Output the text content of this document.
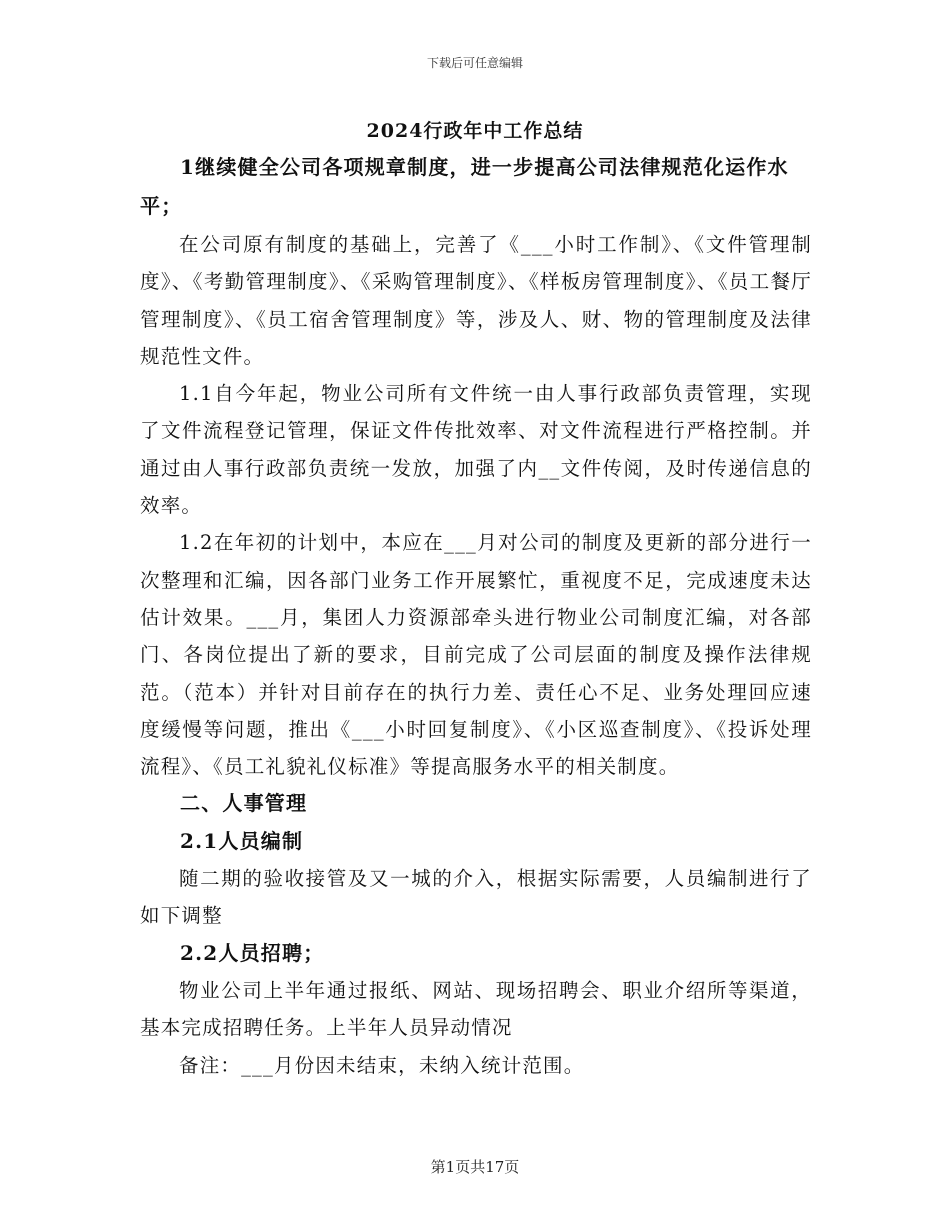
下载后可任意编辑
2024行政年中工作总结

1继续健全公司各项规章制度，进一步提高公司法律规范化运作水平；

在公司原有制度的基础上，完善了《___小时工作制》、《文件管理制度》、《考勤管理制度》、《采购管理制度》、《样板房管理制度》、《员工餐厅管理制度》、《员工宿舍管理制度》等，涉及人、财、物的管理制度及法律规范性文件。

1.1自今年起，物业公司所有文件统一由人事行政部负责管理，实现了文件流程登记管理，保证文件传批效率、对文件流程进行严格控制。并通过由人事行政部负责统一发放，加强了内__文件传阅，及时传递信息的效率。

1.2在年初的计划中，本应在___月对公司的制度及更新的部分进行一次整理和汇编，因各部门业务工作开展繁忙，重视度不足，完成速度未达估计效果。___月，集团人力资源部牵头进行物业公司制度汇编，对各部门、各岗位提出了新的要求，目前完成了公司层面的制度及操作法律规范。（范本）并针对目前存在的执行力差、责任心不足、业务处理回应速度缓慢等问题，推出《___小时回复制度》、《小区巡查制度》、《投诉处理流程》、《员工礼貌礼仪标准》等提高服务水平的相关制度。

二、人事管理

2.1人员编制

随二期的验收接管及又一城的介入，根据实际需要，人员编制进行了如下调整

2.2人员招聘；

物业公司上半年通过报纸、网站、现场招聘会、职业介绍所等渠道，基本完成招聘任务。上半年人员异动情况

备注：___月份因未结束，未纳入统计范围。

第1页共17页
